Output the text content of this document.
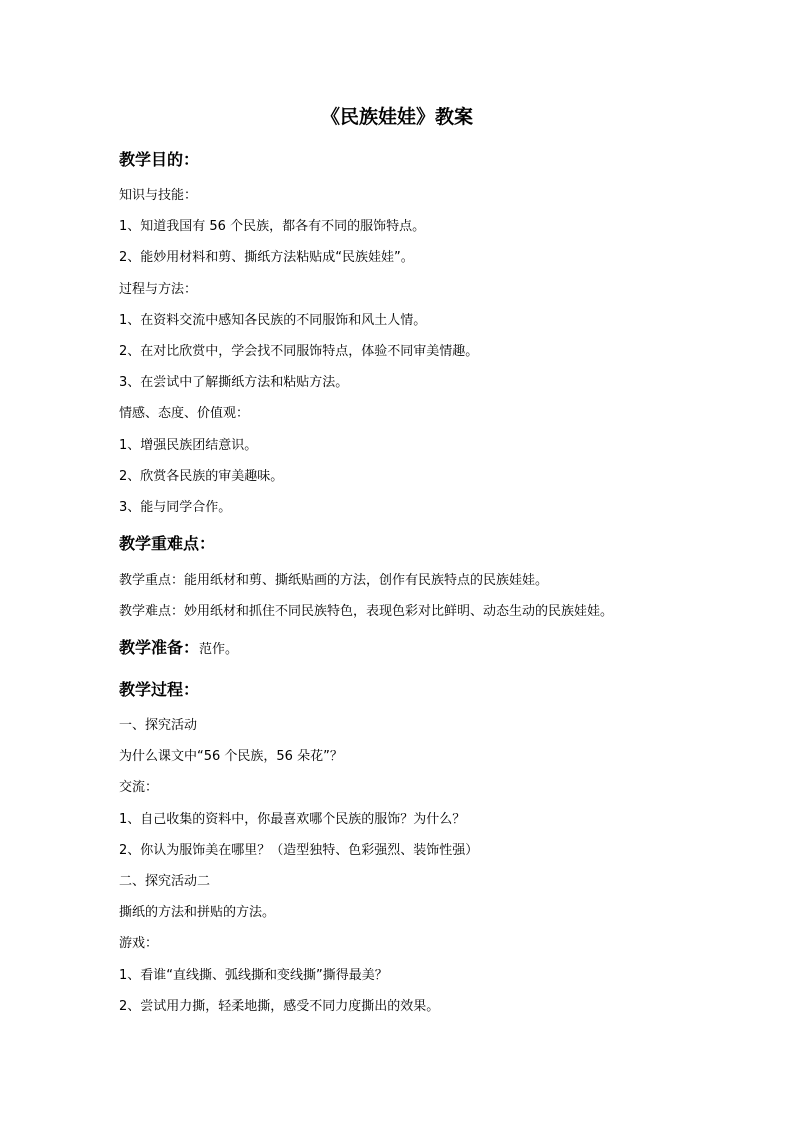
《民族娃娃》教案
教学目的：
知识与技能：
1、知道我国有 56 个民族，都各有不同的服饰特点。
2、能妙用材料和剪、撕纸方法粘贴成“民族娃娃”。
过程与方法：
1、在资料交流中感知各民族的不同服饰和风土人情。
2、在对比欣赏中，学会找不同服饰特点，体验不同审美情趣。
3、在尝试中了解撕纸方法和粘贴方法。
情感、态度、价值观：
1、增强民族团结意识。
2、欣赏各民族的审美趣味。
3、能与同学合作。
教学重难点：
教学重点：能用纸材和剪、撕纸贴画的方法，创作有民族特点的民族娃娃。
教学难点：妙用纸材和抓住不同民族特色，表现色彩对比鲜明、动态生动的民族娃娃。
教学准备：范作。
教学过程：
一、探究活动
为什么课文中“56 个民族，56 朵花”？
交流：
1、自己收集的资料中，你最喜欢哪个民族的服饰？为什么？
2、你认为服饰美在哪里？（造型独特、色彩强烈、装饰性强）
二、探究活动二
撕纸的方法和拼贴的方法。
游戏：
1、看谁“直线撕、弧线撕和变线撕”撕得最美？
2、尝试用力撕，轻柔地撕，感受不同力度撕出的效果。
